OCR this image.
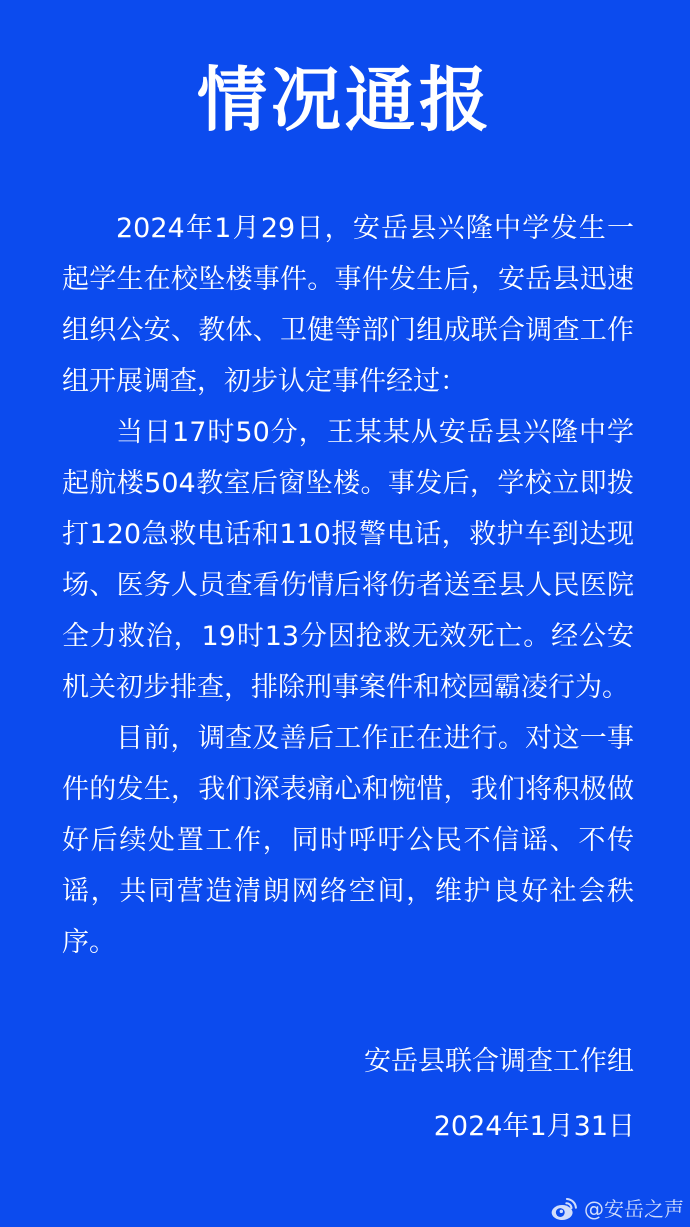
情况通报

2024年1月29日，安岳县兴隆中学发生一起学生在校坠楼事件。事件发生后，安岳县迅速组织公安、教体、卫健等部门组成联合调查工作组开展调查，初步认定事件经过：

当日17时50分，王某某从安岳县兴隆中学起航楼504教室后窗坠楼。事发后，学校立即拨打120急救电话和110报警电话，救护车到达现场、医务人员查看伤情后将伤者送至县人民医院全力救治，19时13分因抢救无效死亡。经公安机关初步排查，排除刑事案件和校园霸凌行为。

目前，调查及善后工作正在进行。对这一事件的发生，我们深表痛心和惋惜，我们将积极做好后续处置工作，同时呼吁公民不信谣、不传谣，共同营造清朗网络空间，维护良好社会秩序。

安岳县联合调查工作组
2024年1月31日
@安岳之声
